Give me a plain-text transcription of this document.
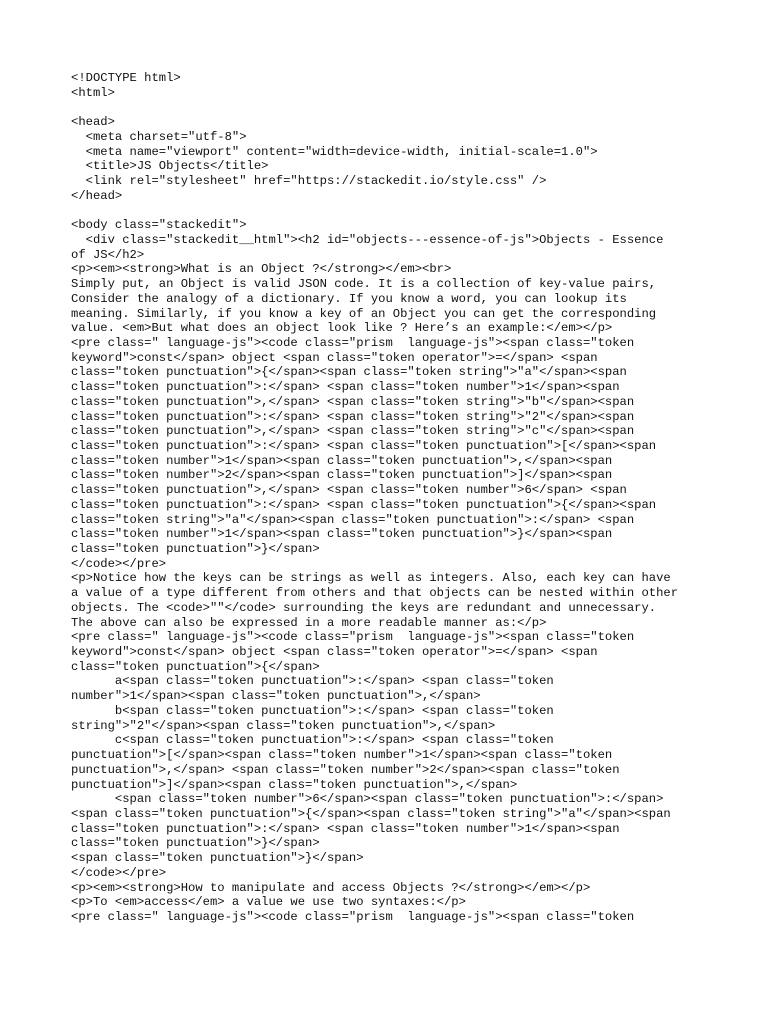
<!DOCTYPE html>
<html>
<head>
<meta charset="utf-8">
<meta name="viewport" content="width=device-width, initial-scale=1.0">
<title>JS Objects</title>
<link rel="stylesheet" href="https://stackedit.io/style.css" />
</head>
<body class="stackedit">
<div class="stackedit__html"><h2 id="objects---essence-of-js">Objects - Essence
of JS</h2>
<p><em><strong>What is an Object ?</strong></em><br>
Simply put, an Object is valid JSON code. It is a collection of key-value pairs,
Consider the analogy of a dictionary. If you know a word, you can lookup its
meaning. Similarly, if you know a key of an Object you can get the corresponding
value. <em>But what does an object look like ? Here’s an example:</em></p>
<pre class=" language-js"><code class="prism  language-js"><span class="token
keyword">const</span> object <span class="token operator">=</span> <span
class="token punctuation">{</span><span class="token string">"a"</span><span
class="token punctuation">:</span> <span class="token number">1</span><span
class="token punctuation">,</span> <span class="token string">"b"</span><span
class="token punctuation">:</span> <span class="token string">"2"</span><span
class="token punctuation">,</span> <span class="token string">"c"</span><span
class="token punctuation">:</span> <span class="token punctuation">[</span><span
class="token number">1</span><span class="token punctuation">,</span><span
class="token number">2</span><span class="token punctuation">]</span><span
class="token punctuation">,</span> <span class="token number">6</span> <span
class="token punctuation">:</span> <span class="token punctuation">{</span><span
class="token string">"a"</span><span class="token punctuation">:</span> <span
class="token number">1</span><span class="token punctuation">}</span><span
class="token punctuation">}</span>
</code></pre>
<p>Notice how the keys can be strings as well as integers. Also, each key can have
a value of a type different from others and that objects can be nested within other
objects. The <code>""</code> surrounding the keys are redundant and unnecessary.
The above can also be expressed in a more readable manner as:</p>
<pre class=" language-js"><code class="prism  language-js"><span class="token
keyword">const</span> object <span class="token operator">=</span> <span
class="token punctuation">{</span>
a<span class="token punctuation">:</span> <span class="token
number">1</span><span class="token punctuation">,</span>
b<span class="token punctuation">:</span> <span class="token
string">"2"</span><span class="token punctuation">,</span>
c<span class="token punctuation">:</span> <span class="token
punctuation">[</span><span class="token number">1</span><span class="token
punctuation">,</span> <span class="token number">2</span><span class="token
punctuation">]</span><span class="token punctuation">,</span>
<span class="token number">6</span><span class="token punctuation">:</span>
<span class="token punctuation">{</span><span class="token string">"a"</span><span
class="token punctuation">:</span> <span class="token number">1</span><span
class="token punctuation">}</span>
<span class="token punctuation">}</span>
</code></pre>
<p><em><strong>How to manipulate and access Objects ?</strong></em></p>
<p>To <em>access</em> a value we use two syntaxes:</p>
<pre class=" language-js"><code class="prism  language-js"><span class="token
